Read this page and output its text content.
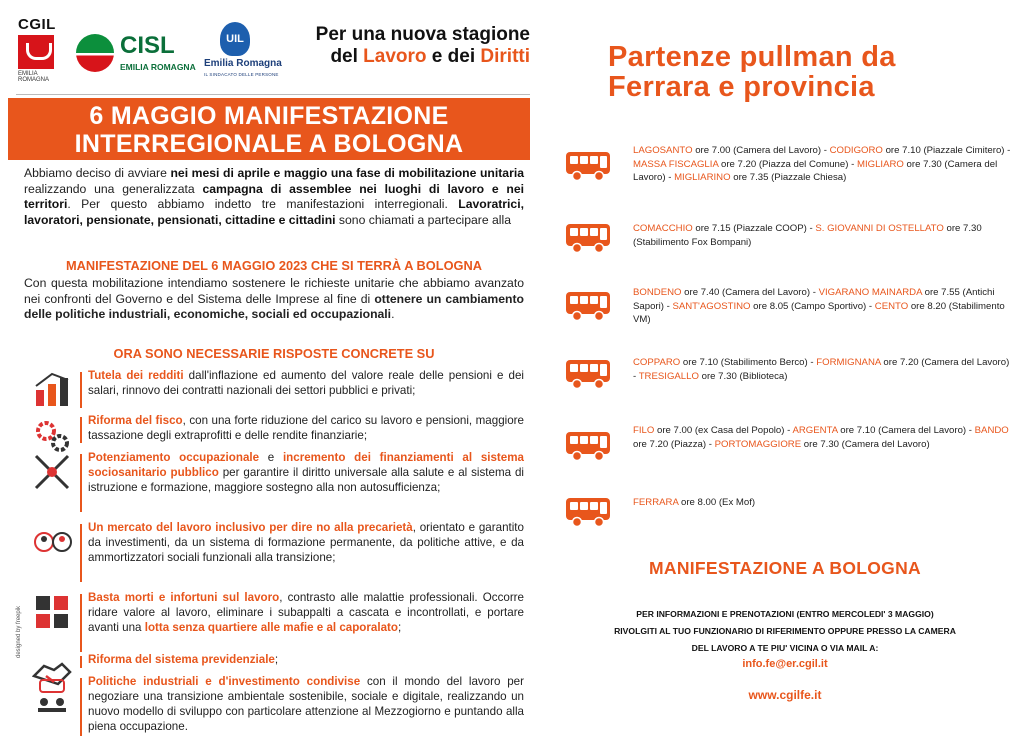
CGIL
EMILIA ROMAGNA
CISL
EMILIA ROMAGNA
UIL
Emilia Romagna
IL SINDACATO DELLE PERSONE
Per una nuova stagione
del Lavoro e dei Diritti
6 MAGGIO MANIFESTAZIONE
INTERREGIONALE A BOLOGNA
Abbiamo deciso di avviare nei mesi di aprile e maggio una fase di mobilitazione unitaria realizzando una generalizzata campagna di assemblee nei luoghi di lavoro e nei territori. Per questo abbiamo indetto tre manifestazioni interregionali. Lavoratrici, lavoratori, pensionate, pensionati, cittadine e cittadini sono chiamati a partecipare alla
MANIFESTAZIONE DEL 6 MAGGIO 2023 CHE SI TERRÀ A BOLOGNA
Con questa mobilitazione intendiamo sostenere le richieste unitarie che abbiamo avanzato nei confronti del Governo e del Sistema delle Imprese al fine di ottenere un cambiamento delle politiche industriali, economiche, sociali ed occupazionali.
ORA SONO NECESSARIE RISPOSTE CONCRETE SU
Tutela dei redditi dall'inflazione ed aumento del valore reale delle pensioni e dei salari, rinnovo dei contratti nazionali dei settori pubblici e privati;
Riforma del fisco, con una forte riduzione del carico su lavoro e pensioni, maggiore tassazione degli extraprofitti e delle rendite finanziarie;
Potenziamento occupazionale e incremento dei finanziamenti al sistema sociosanitario pubblico per garantire il diritto universale alla salute e al sistema di istruzione e formazione, maggiore sostegno alla non autosufficienza;
Un mercato del lavoro inclusivo per dire no alla precarietà, orientato e garantito da investimenti, da un sistema di formazione permanente, da politiche attive, e da ammortizzatori sociali funzionali alla transizione;
Basta morti e infortuni sul lavoro, contrasto alle malattie professionali. Occorre ridare valore al lavoro, eliminare i subappalti a cascata e incontrollati, e portare avanti una lotta senza quartiere alle mafie e al caporalato;
Riforma del sistema previdenziale;
Politiche industriali e d'investimento condivise con il mondo del lavoro per negoziare una transizione ambientale sostenibile, sociale e digitale, realizzando un nuovo modello di sviluppo con particolare attenzione al Mezzogiorno e puntando alla piena occupazione.
designed by freepik
Partenze pullman da
Ferrara e provincia
LAGOSANTO ore 7.00 (Camera del Lavoro) - CODIGORO ore 7.10 (Piazzale Cimitero) - MASSA FISCAGLIA ore 7.20 (Piazza del Comune) - MIGLIARO ore 7.30 (Camera del Lavoro) - MIGLIARINO ore 7.35 (Piazzale Chiesa)
COMACCHIO ore 7.15 (Piazzale COOP) - S. GIOVANNI DI OSTELLATO ore 7.30 (Stabilimento Fox Bompani)
BONDENO ore 7.40 (Camera del Lavoro) - VIGARANO MAINARDA ore 7.55 (Antichi Sapori) - SANT'AGOSTINO ore 8.05 (Campo Sportivo) - CENTO ore 8.20 (Stabilimento VM)
COPPARO ore 7.10 (Stabilimento Berco) - FORMIGNANA ore 7.20 (Camera del Lavoro) - TRESIGALLO ore 7.30 (Biblioteca)
FILO ore 7.00 (ex Casa del Popolo) - ARGENTA ore 7.10 (Camera del Lavoro) - BANDO ore 7.20 (Piazza) - PORTOMAGGIORE ore 7.30 (Camera del Lavoro)
FERRARA ore 8.00 (Ex Mof)
MANIFESTAZIONE A BOLOGNA
PER INFORMAZIONI E PRENOTAZIONI (ENTRO MERCOLEDI' 3 MAGGIO)
RIVOLGITI AL TUO FUNZIONARIO DI RIFERIMENTO OPPURE PRESSO LA CAMERA
DEL LAVORO A TE PIU' VICINA O VIA MAIL A:
info.fe@er.cgil.it
www.cgilfe.it
